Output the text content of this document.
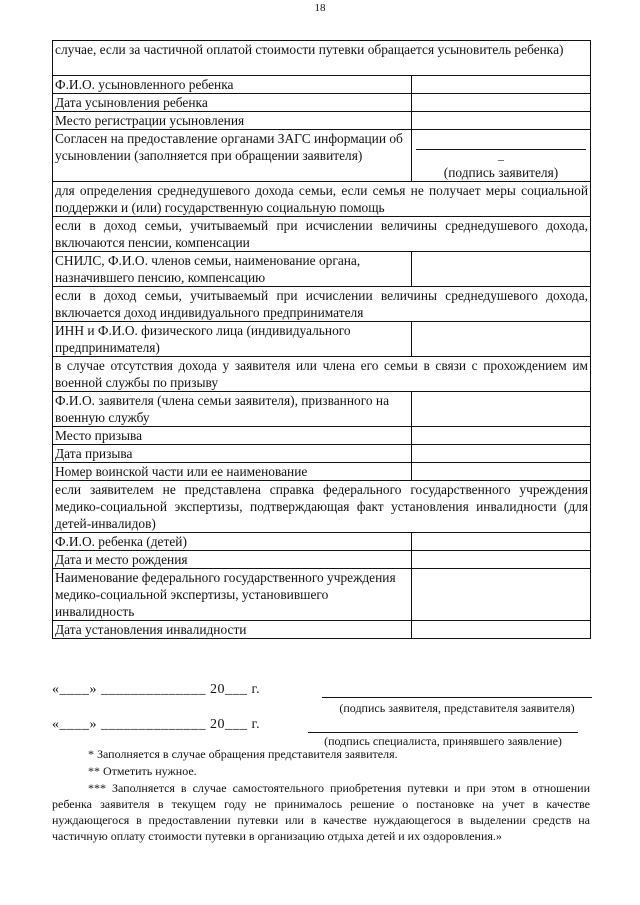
18
случае, если за частичной оплатой стоимости путевки обращается усыновитель ребенка)	
Ф.И.О. усыновленного ребенка	
Дата усыновления ребенка	
Место регистрации усыновления	
Согласен на предоставление органами ЗАГС информации об усыновлении (заполняется при обращении заявителя)	–
(подпись заявителя)

для определения среднедушевого дохода семьи, если семья не получает меры социальной поддержки и (или) государственную социальную помощь	
если в доход семьи, учитываемый при исчислении величины среднедушевого дохода, включаются пенсии, компенсации	
СНИЛС, Ф.И.О. членов семьи, наименование органа, назначившего пенсию, компенсацию	
если в доход семьи, учитываемый при исчислении величины среднедушевого дохода, включается доход индивидуального предпринимателя	
ИНН и Ф.И.О. физического лица (индивидуального предпринимателя)	
в случае отсутствия дохода у заявителя или члена его семьи в связи с прохождением им военной службы по призыву	
Ф.И.О. заявителя (члена семьи заявителя), призванного на военную службу	
Место призыва	
Дата призыва	
Номер воинской части или ее наименование	
если заявителем не представлена справка федерального государственного учреждения медико-социальной экспертизы, подтверждающая факт установления инвалидности (для детей-инвалидов)	
Ф.И.О. ребенка (детей)	
Дата и место рождения	
Наименование федерального государственного учреждения медико-социальной экспертизы, установившего инвалидность	
Дата установления инвалидности	
«____» ______________ 20___ г.
(подпись заявителя, представителя заявителя)
«____» ______________ 20___ г.
(подпись специалиста, принявшего заявление)
* Заполняется в случае обращения представителя заявителя.
** Отметить нужное.
*** Заполняется в случае самостоятельного приобретения путевки и при этом в отношении ребенка заявителя в текущем году не принималось решение о постановке на учет в качестве нуждающегося в предоставлении путевки или в качестве нуждающегося в выделении средств на частичную оплату стоимости путевки в организацию отдыха детей и их оздоровления.»
